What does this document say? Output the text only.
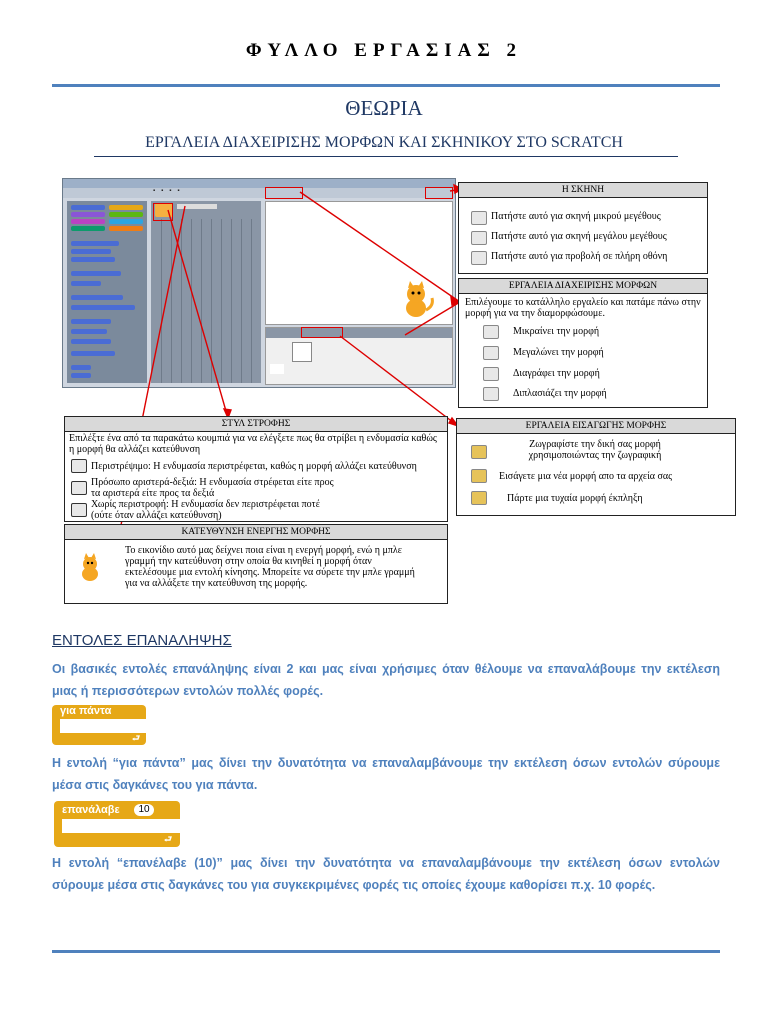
ΦΥΛΛΟ ΕΡΓΑΣΙΑΣ 2
ΘΕΩΡΙΑ
ΕΡΓΑΛΕΙΑ ΔΙΑΧΕΙΡΙΣΗΣ ΜΟΡΦΩΝ ΚΑΙ ΣΚΗΝΙΚΟΥ ΣΤΟ SCRATCH
▪ ▪ ▪ ▪	Η ΣΚΗΝΗ
Πατήστε αυτό για σκηνή μικρού μεγέθους
Πατήστε αυτό για σκηνή μεγάλου μεγέθους
Πατήστε αυτό για προβολή σε πλήρη οθόνη
ΕΡΓΑΛΕΙΑ ΔΙΑΧΕΙΡΙΣΗΣ ΜΟΡΦΩΝ
Επιλέγουμε το κατάλληλο εργαλείο και πατάμε πάνω στην μορφή για να την διαμορφώσουμε.
Μικραίνει την μορφή
Μεγαλώνει την μορφή
Διαγράφει την μορφή
Διπλασιάζει την μορφή
ΕΡΓΑΛΕΙΑ ΕΙΣΑΓΩΓΗΣ ΜΟΡΦΗΣ
Ζωγραφίστε την δική σας μορφή χρησιμοποιώντας την ζωγραφική
Εισάγετε μια νέα μορφή απο τα αρχεία σας
Πάρτε μια τυχαία μορφή έκπληξη
ΣΤΥΛ ΣΤΡΟΦΗΣ
Επιλέξτε ένα από τα παρακάτω κουμπιά για να ελέγξετε πως θα στρίβει η ενδυμασία καθώς η μορφή θα αλλάζει κατεύθυνση
Περιστρέψιμο: Η ενδυμασία περιστρέφεται, καθώς η μορφή αλλάζει κατεύθυνση
Πρόσωπο αριστερά-δεξιά: Η ενδυμασία στρέφεται είτε προς τα αριστερά είτε προς τα δεξιά
Χωρίς περιστροφή: Η ενδυμασία δεν περιστρέφεται ποτέ (ούτε όταν αλλάζει κατεύθυνση)
ΚΑΤΕΥΘΥΝΣΗ ΕΝΕΡΓΗΣ ΜΟΡΦΗΣ
Το εικονίδιο αυτό μας δείχνει ποια είναι η ενεργή μορφή, ενώ η μπλε γραμμή την κατεύθυνση στην οποία θα κινηθεί η μορφή όταν εκτελέσουμε μια εντολή κίνησης. Μπορείτε να σύρετε την μπλε γραμμή για να αλλάξετε την κατεύθυνση της μορφής.
ΕΝΤΟΛΕΣ ΕΠΑΝΑΛΗΨΗΣ
Οι βασικές εντολές επανάληψης είναι 2 και μας είναι χρήσιμες όταν θέλουμε να επαναλάβουμε την εκτέλεση μιας ή περισσότερων εντολών πολλές φορές.
για πάντα
⮐
Η εντολή “για πάντα” μας δίνει την δυνατότητα να επαναλαμβάνουμε την εκτέλεση όσων εντολών σύρουμε μέσα στις δαγκάνες του για πάντα.
επανάλαβε	10
⮐
Η εντολή “επανέλαβε (10)” μας δίνει την δυνατότητα να επαναλαμβάνουμε την εκτέλεση όσων εντολών σύρουμε μέσα στις δαγκάνες του για συγκεκριμένες φορές τις οποίες έχουμε καθορίσει π.χ. 10 φορές.
